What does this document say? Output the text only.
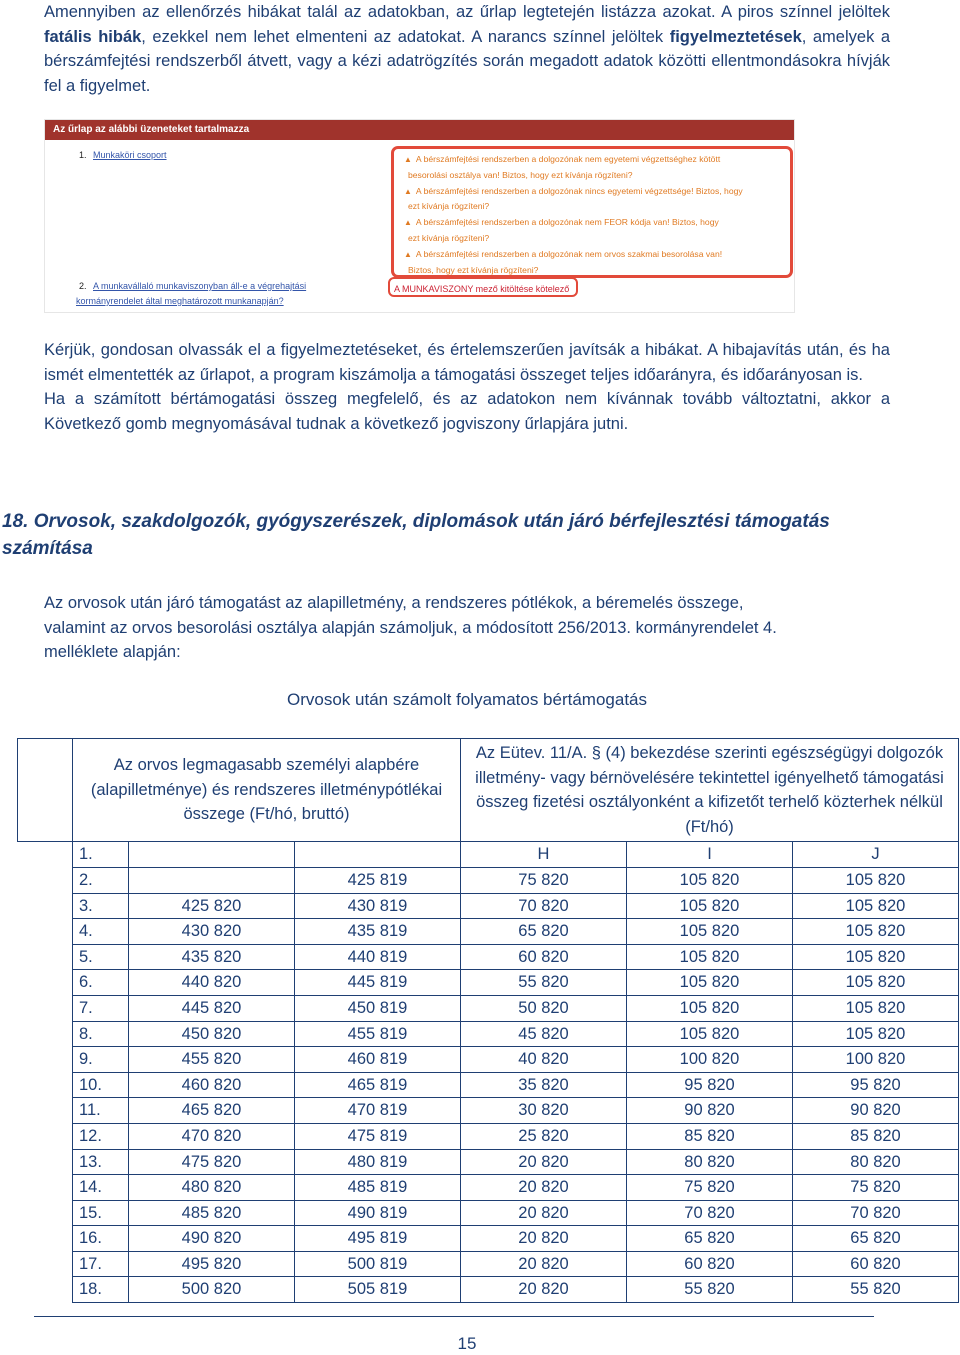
Amennyiben az ellenőrzés hibákat talál az adatokban, az űrlap legtetején listázza azokat. A piros színnel jelöltek fatális hibák, ezekkel nem lehet elmenteni az adatokat. A narancs színnel jelöltek figyelmeztetések, amelyek a bérszámfejtési rendszerből átvett, vagy a kézi adatrögzítés során megadott adatok közötti ellentmondásokra hívják fel a figyelmet.

Az űrlap az alábbi üzeneteket tartalmazza
1. Munkaköri csoport	▲ A bérszámfejtési rendszerben a dolgozónak nem egyetemi végzettséghez kötött
besorolási osztálya van! Biztos, hogy ezt kívánja rögzíteni?
▲ A bérszámfejtési rendszerben a dolgozónak nincs egyetemi végzettsége! Biztos, hogy
ezt kívánja rögzíteni?
▲ A bérszámfejtési rendszerben a dolgozónak nem FEOR kódja van! Biztos, hogy
ezt kívánja rögzíteni?
▲ A bérszámfejtési rendszerben a dolgozónak nem orvos szakmai besorolása van!
Biztos, hogy ezt kívánja rögzíteni?
2. A munkavállaló munkaviszonyban áll-e a végrehajtási
kormányrendelet által meghatározott munkanapján?
A MUNKAVISZONY mező kitöltése kötelező

Kérjük, gondosan olvassák el a figyelmeztetéseket, és értelemszerűen javítsák a hibákat. A hibajavítás után, és ha ismét elmentették az űrlapot, a program kiszámolja a támogatási összeget teljes időarányra, és időarányosan is.

Ha a számított bértámogatási összeg megfelelő, és az adatokon nem kívánnak tovább változtatni, akkor a Következő gomb megnyomásával tudnak a következő jogviszony űrlapjára jutni.

18. Orvosok, szakdolgozók, gyógyszerészek, diplomások után járó bérfejlesztési támogatás számítása
Az orvosok után járó támogatást az alapilletmény, a rendszeres pótlékok, a béremelés összege, valamint az orvos besorolási osztálya alapján számoljuk, a módosított 256/2013. kormányrendelet 4. melléklete alapján:
Orvosok után számolt folyamatos bértámogatás
	Az orvos legmagasabb személyi alapbére (alapilletménye) és rendszeres illetménypótlékai összege (Ft/hó, bruttó)			Az Eütev. 11/A. § (4) bekezdése szerinti egészségügyi dolgozók illetmény- vagy bérnövelésére tekintettel igényelhető támogatási összeg fizetési osztályonként a kifizetőt terhelő közterhek nélkül (Ft/hó)		
	1.			H	I	J
	2.		425 819	75 820	105 820	105 820
	3.	425 820	430 819	70 820	105 820	105 820
	4.	430 820	435 819	65 820	105 820	105 820
	5.	435 820	440 819	60 820	105 820	105 820
	6.	440 820	445 819	55 820	105 820	105 820
	7.	445 820	450 819	50 820	105 820	105 820
	8.	450 820	455 819	45 820	105 820	105 820
	9.	455 820	460 819	40 820	100 820	100 820
	10.	460 820	465 819	35 820	95 820	95 820
	11.	465 820	470 819	30 820	90 820	90 820
	12.	470 820	475 819	25 820	85 820	85 820
	13.	475 820	480 819	20 820	80 820	80 820
	14.	480 820	485 819	20 820	75 820	75 820
	15.	485 820	490 819	20 820	70 820	70 820
	16.	490 820	495 819	20 820	65 820	65 820
	17.	495 820	500 819	20 820	60 820	60 820
	18.	500 820	505 819	20 820	55 820	55 820
15
